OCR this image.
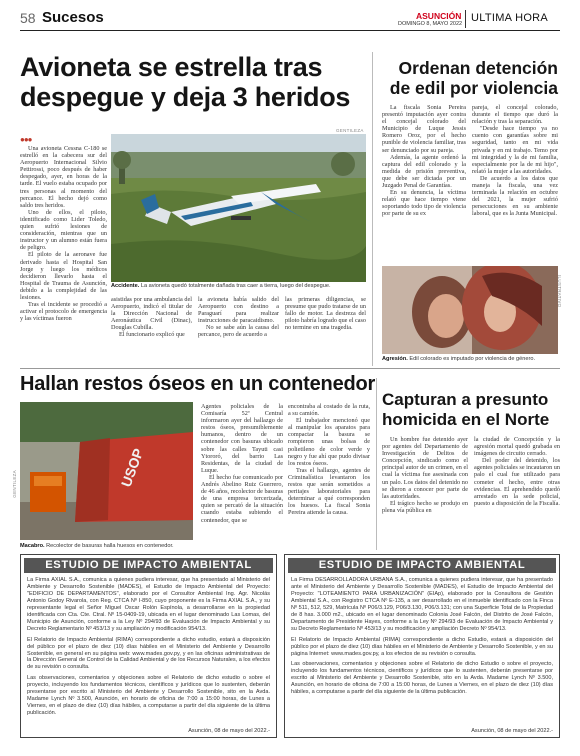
58 Sucesos	ASUNCIÓN
DOMINGO 8, MAYO 2022 ULTIMA HORA
Avioneta se estrella tras
despegue y deja 3 heridos
●●●

Una avioneta Cessna C-180 se estrelló en la cabecera sur del Aeropuerto Internacional Silvio Pettirossi, poco después de haber despegado, ayer, en horas de la tarde. El vuelo estaba ocupado por tres personas al momento del percance. El hecho dejó como saldo tres heridos.

Uno de ellos, el piloto, identificado como Lider Toledo, quien sufrió lesiones de consideración, mientras que un instructor y un alumno están fuera de peligro.

El piloto de la aeronave fue derivado hasta el Hospital San Jorge y luego los médicos decidieron llevarlo hasta el Hospital de Trauma de Asunción, debido a la complejidad de las lesiones.

Tras el incidente se procedió a activar el protocolo de emergencia y las víctimas fueron

GENTILEZA
Accidente. La avioneta quedó totalmente dañada tras caer a tierra, luego del despegue.

asistidas por una ambulancia del Aeropuerto, indicó el titular de la Dirección Nacional de Aeronáutica Civil (Dinac), Douglas Cubilla.

El funcionario explicó que

la avioneta había salido del Aeropuerto con destino a Paraguarí para realizar instrucciones de paracaidismo.

No se sabe aún la causa del percance, pero de acuerdo a

las primeras diligencias, se presume que pudo tratarse de un fallo de motor. La destreza del piloto habría logrado que el caso no termine en una tragedia.

Ordenan detención
de edil por violencia

La fiscala Sonia Pereira presentó imputación ayer contra el concejal colorado del Municipio de Luque Jessis Romero Oroz, por el hecho punible de violencia familiar, tras ser denunciado por su pareja.

Además, la agente ordenó la captura del edil colorado y la medida de prisión preventiva, que debe ser dictada por un Juzgado Penal de Garantías.

En su denuncia, la víctima relató que hace tiempo viene soportando todo tipo de violencia por parte de su ex

pareja, el concejal colorado, durante el tiempo que duró la relación y tras la separación.

"Desde hace tiempo ya no cuento con garantías sobre mi seguridad, tanto en mi vida privada y en mi trabajo. Temo por mi integridad y la de mi familia, especialmente por la de mi hijo", relató la mujer a las autoridades.

De acuerdo a los datos que maneja la fiscala, una vez terminada la relación en octubre del 2021, la mujer sufrió persecuciones en su ambiente laboral, que es la Junta Municipal.

ILUSTRATIVO
Agresión. Edil colorado es imputado por violencia de género.
Hallan restos óseos en un contenedor
USOP
GENTILEZA
Macabro. Recolector de basuras halla huesos en contenedor.

Agentes policiales de la Comisaría 52ª Central informaron ayer del hallazgo de restos óseos, presumiblemente humanos, dentro de un contenedor con basuras ubicado sobre las calles Tayuti casi Ytororó, del barrio Las Residentas, de la ciudad de Luque.

El hecho fue comunicado por Andrés Abelino Ruiz Guerrero, de 46 años, recolector de basuras de una empresa tercerizada, quien se percató de la situación cuando estaba subiendo el contenedor, que se

encontraba al costado de la ruta, a su camión.

El trabajador mencionó que al manipular los aparatos para compactar la basura se rompieron unas bolsas de polietileno de color verde y negro y fue ahí que pudo divisar los restos óseos.

Tras el hallazgo, agentes de Criminalística levantaron los restos que serán sometidos a peritajes laboratoriales para determinar a qué corresponden los huesos. La fiscal Sonia Pereira atiende la causa.

Capturan a presunto
homicida en el Norte

Un hombre fue detenido ayer por agentes del Departamento de Investigación de Delitos de Concepción, sindicado como el principal autor de un crimen, en el cual la víctima fue asesinada con un palo. Los datos del detenido no se dieron a conocer por parte de las autoridades.

El trágico hecho se produjo en plena vía pública en

la ciudad de Concepción y la agresión mortal quedó grabada en imágenes de circuito cerrado.

Del poder del detenido, los agentes policiales se incautaron un palo el cual fue utilizado para cometer el hecho, entre otras evidencias. El aprehendido quedó arrestado en la sede policial, puesto a disposición de la Fiscalía.

ESTUDIO DE IMPACTO AMBIENTAL

La Firma AXIAL S.A., comunica a quienes pudiera interesar, que ha presentado al Ministerio del Ambiente y Desarrollo Sostenible (MADES), el Estudio de Impacto Ambiental del Proyecto: "EDIFICIO DE DEPARTAMENTOS", elaborado por el Consultor Ambiental Ing. Agr. Nicolás Antonio Godoy Rivarola, con Reg. CTCA Nº I-850, cuyo proponente es la Firma AXIAL S.A., y su representante legal el Señor Miguel Oscar Rolón Espínola, a desarrollarse en la propiedad identificada con Cta. Cte. Ctral. Nº 15-0409-19, ubicada en el lugar denominado Las Lomas, del Municipio de Asunción, conforme a la Ley Nº 294/93 de Evaluación de Impacto Ambiental y su Decreto Reglamentario Nº 453/13 y su ampliación y modificación 954/13.

El Relatorio de Impacto Ambiental (RIMA) correspondiente a dicho estudio, estará a disposición del público por el plazo de diez (10) días hábiles en el Ministerio del Ambiente y Desarrollo Sostenible, en general en su página web: www.mades.gov.py, y en las oficinas administrativas de la Dirección General de Control de la Calidad Ambiental y de los Recursos Naturales, a los efectos de su revisión o consulta.

Las observaciones, comentarios y objeciones sobre el Relatorio de dicho estudio o sobre el proyecto, incluyendo los fundamentos técnicos, científicos y jurídicos que lo sustenten, deberán presentarse por escrito al Ministerio del Ambiente y Desarrollo Sostenible, sito en la Avda. Madame Lynch Nº 3.500, Asunción, en horario de oficina de 7:00 a 15:00 horas, de Lunes a Viernes, en el plazo de diez (10) días hábiles, a computarse a partir del día siguiente de la última publicación.

Asunción, 08 de mayo del 2022.-
ESTUDIO DE IMPACTO AMBIENTAL

La Firma DESARROLLADORA URBANA S.A., comunica a quienes pudiera interesar, que ha presentado ante el Ministerio del Ambiente y Desarrollo Sostenible (MADES), el Estudio de Impacto Ambiental del Proyecto: "LOTEAMIENTO PARA URBANIZACIÓN" (EIAp), elaborado por la Consultora de Gestión Ambiental S.A., con Registro CTCA Nº E-135, a ser desarrollado en el inmueble identificado con la Finca Nº 511, 512, 529, Matrícula Nº P06/3.129, P06/3.130, P06/3.131; con una Superficie Total de la Propiedad de 8 has. 3.000 m2., ubicado en el lugar denominado Colonia José Falcón, del Distrito de José Falcón, Departamento de Presidente Hayes, conforme a la Ley Nº 294/93 de Evaluación de Impacto Ambiental y su Decreto Reglamentario Nº 453/13 y su modificación y ampliación Decreto Nº 954/13.

El Relatorio de Impacto Ambiental (RIMA) correspondiente a dicho Estudio, estará a disposición del público por el plazo de diez (10) días hábiles en el Ministerio de Ambiente y Desarrollo Sostenible, y en su página Internet: www.mades.gov.py, a los efectos de su revisión o consulta.

Las observaciones, comentarios y objeciones sobre el Relatorio de dicho Estudio o sobre el proyecto, incluyendo los fundamentos técnicos, científicos y jurídicos que lo sustenten, deberán presentarse por escrito al Ministerio del Ambiente y Desarrollo Sostenible, sito en la Avda. Madame Lynch Nº 3.500, Asunción, en horario de oficina de 7:00 a 15:00 horas, de Lunes a Viernes, en el plazo de diez (10) días hábiles, a computarse a partir del día siguiente de la última publicación.

Asunción, 08 de mayo del 2022.-
